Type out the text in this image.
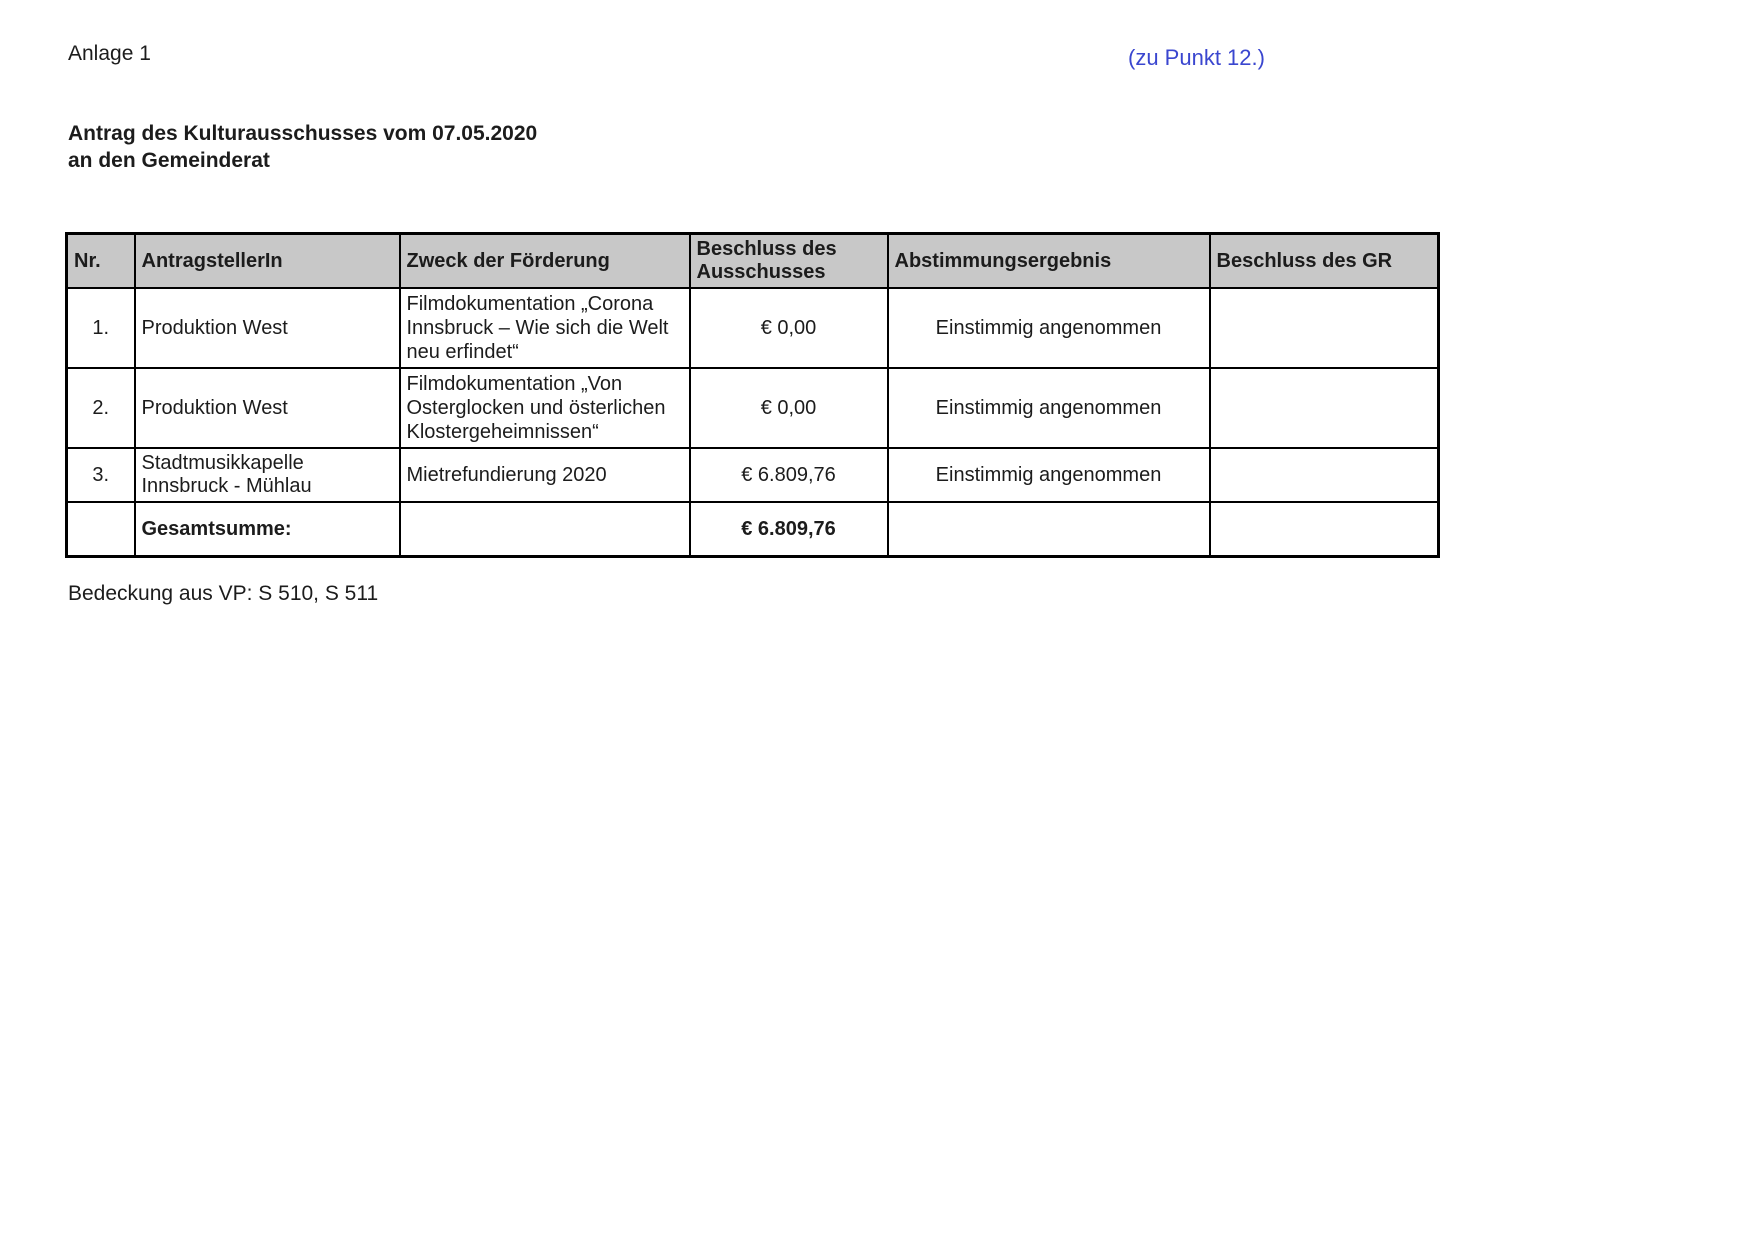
Anlage 1	(zu Punkt 12.)
Antrag des Kulturausschusses vom 07.05.2020
an den Gemeinderat
Nr.	AntragstellerIn	Zweck der Förderung	Beschluss des Ausschusses	Abstimmungsergebnis	Beschluss des GR
1.	Produktion West	Filmdokumentation „Corona Innsbruck – Wie sich die Welt neu erfindet“	€ 0,00	Einstimmig angenommen	
2.	Produktion West	Filmdokumentation „Von Osterglocken und österlichen Klostergeheimnissen“	€ 0,00	Einstimmig angenommen	
3.	Stadtmusikkapelle Innsbruck - Mühlau	Mietrefundierung 2020	€ 6.809,76	Einstimmig angenommen	
	Gesamtsumme:		€ 6.809,76		
Bedeckung aus VP: S 510, S 511
